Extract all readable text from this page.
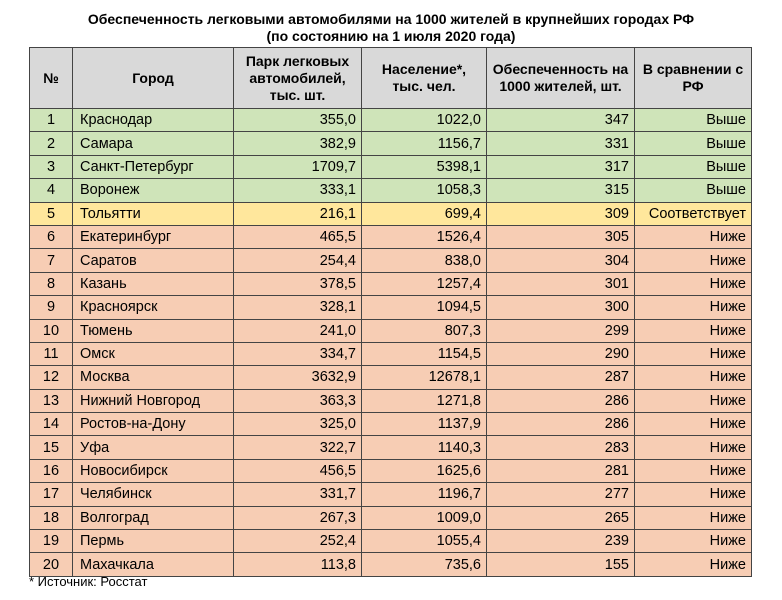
Обеспеченность легковыми автомобилями на 1000 жителей в крупнейших городах РФ
(по состоянию на 1 июля 2020 года)
№	Город	Парк легковых автомобилей, тыс. шт.	Население*, тыс. чел.	Обеспеченность на 1000 жителей, шт.	В сравнении с РФ
1	Краснодар	355,0	1022,0	347	Выше
2	Самара	382,9	1156,7	331	Выше
3	Санкт-Петербург	1709,7	5398,1	317	Выше
4	Воронеж	333,1	1058,3	315	Выше
5	Тольятти	216,1	699,4	309	Соответствует
6	Екатеринбург	465,5	1526,4	305	Ниже
7	Саратов	254,4	838,0	304	Ниже
8	Казань	378,5	1257,4	301	Ниже
9	Красноярск	328,1	1094,5	300	Ниже
10	Тюмень	241,0	807,3	299	Ниже
11	Омск	334,7	1154,5	290	Ниже
12	Москва	3632,9	12678,1	287	Ниже
13	Нижний Новгород	363,3	1271,8	286	Ниже
14	Ростов-на-Дону	325,0	1137,9	286	Ниже
15	Уфа	322,7	1140,3	283	Ниже
16	Новосибирск	456,5	1625,6	281	Ниже
17	Челябинск	331,7	1196,7	277	Ниже
18	Волгоград	267,3	1009,0	265	Ниже
19	Пермь	252,4	1055,4	239	Ниже
20	Махачкала	113,8	735,6	155	Ниже
* Источник: Росстат
